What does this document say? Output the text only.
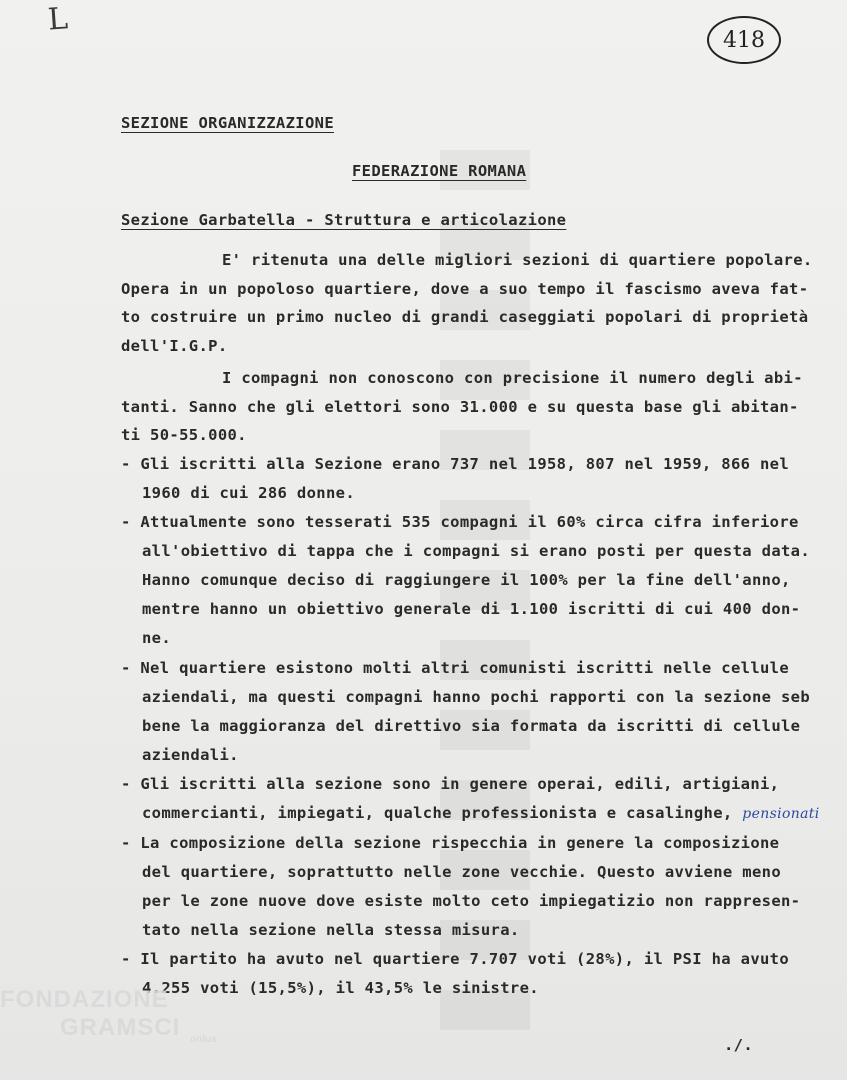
L
418
SEZIONE ORGANIZZAZIONE
FEDERAZIONE ROMANA
Sezione Garbatella - Struttura e articolazione
E' ritenuta una delle migliori sezioni di quartiere popolare.
Opera in un popoloso quartiere, dove a suo tempo il fascismo aveva fat-
to costruire un primo nucleo di grandi caseggiati popolari di proprietà
dell'I.G.P.
I compagni non conoscono con precisione il numero degli abi-
tanti. Sanno che gli elettori sono 31.000 e su questa base gli abitan-
ti 50-55.000.
- Gli iscritti alla Sezione erano 737 nel 1958, 807 nel 1959, 866 nel
1960 di cui 286 donne.
- Attualmente sono tesserati 535 compagni il 60% circa cifra inferiore
all'obiettivo di tappa che i compagni si erano posti per questa data.
Hanno comunque deciso di raggiungere il 100% per la fine dell'anno,
mentre hanno un obiettivo generale di 1.100 iscritti di cui 400 don-
ne.
- Nel quartiere esistono molti altri comunisti iscritti nelle cellule
aziendali, ma questi compagni hanno pochi rapporti con la sezione seb
bene la maggioranza del direttivo sia formata da iscritti di cellule
aziendali.
- Gli iscritti alla sezione sono in genere operai, edili, artigiani,
commercianti, impiegati, qualche professionista e casalinghe, pensionati
- La composizione della sezione rispecchia in genere la composizione
del quartiere, soprattutto nelle zone vecchie. Questo avviene meno
per le zone nuove dove esiste molto ceto impiegatizio non rappresen-
tato nella sezione nella stessa misura.
- Il partito ha avuto nel quartiere 7.707 voti (28%), il PSI ha avuto
4.255 voti (15,5%), il 43,5% le sinistre.
./.
FONDAZIONE
GRAMSCI onlus
